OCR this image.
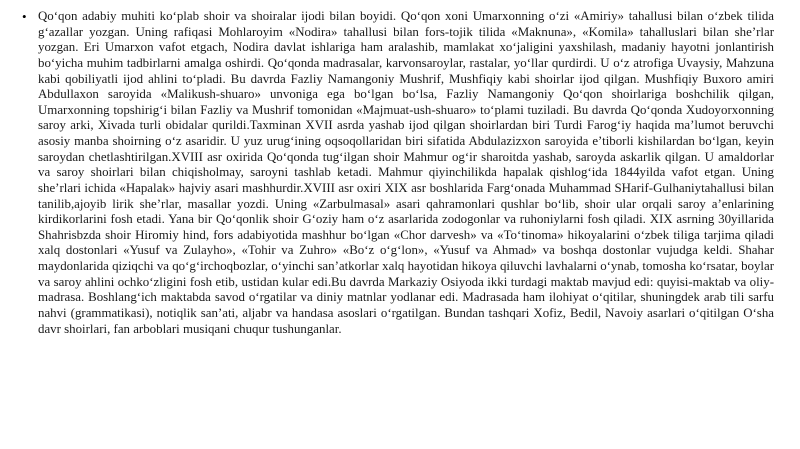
• Qo‘qon adabiy muhiti ko‘plab shoir va shoiralar ijodi bilan boyidi. Qo‘qon xoni Umarxonning o‘zi «Amiriy» tahallusi bilan o‘zbek tilida g‘azallar yozgan. Uning rafiqasi Mohlaroyim «Nodira» tahallusi bilan fors-tojik tilida «Maknuna», «Komila» tahalluslari bilan she’rlar yozgan. Eri Umarxon vafot etgach, Nodira davlat ishlariga ham aralashib, mamlakat xo‘jaligini yaxshilash, madaniy hayotni jonlantirish bo‘yicha muhim tadbirlarni amalga oshirdi. Qo‘qonda madrasalar, karvonsaroylar, rastalar, yo‘llar qurdirdi. U o‘z atrofiga Uvaysiy, Mahzuna kabi qobiliyatli ijod ahlini to‘pladi. Bu davrda Fazliy Namangoniy Mushrif, Mushfiqiy kabi shoirlar ijod qilgan. Mushfiqiy Buxoro amiri Abdullaxon saroyida «Malikush-shuaro» unvoniga ega bo‘lgan bo‘lsa, Fazliy Namangoniy Qo‘qon shoirlariga boshchilik qilgan, Umarxonning topshirig‘i bilan Fazliy va Mushrif tomonidan «Majmuat-ush-shuaro» to‘plami tuziladi. Bu davrda Qo‘qonda Xudoyorxonning saroy arki, Xivada turli obidalar qurildi.Taxminan XVII asrda yashab ijod qilgan shoirlardan biri Turdi Farog‘iy haqida ma’lumot beruvchi asosiy manba shoirning o‘z asaridir. U yuz urug‘ining oqsoqollaridan biri sifatida Abdulazizxon saroyida e’tiborli kishilardan bo‘lgan, keyin saroydan chetlashtirilgan.XVIII asr oxirida Qo‘qonda tug‘ilgan shoir Mahmur og‘ir sharoitda yashab, saroyda askarlik qilgan. U amaldorlar va saroy shoirlari bilan chiqisholmay, saroyni tashlab ketadi. Mahmur qiyinchilikda hapalak qishlog‘ida 1844yilda vafot etgan. Uning she’rlari ichida «Hapalak» hajviy asari mashhurdir.XVIII asr oxiri XIX asr boshlarida Farg‘onada Muhammad SHarif-Gulhaniytahallusi bilan tanilib,ajoyib lirik she’rlar, masallar yozdi. Uning «Zarbulmasal» asari qahramonlari qushlar bo‘lib, shoir ular orqali saroy a’enlarining kirdikorlarini fosh etadi. Yana bir Qo‘qonlik shoir G‘oziy ham o‘z asarlarida zodogonlar va ruhoniylarni fosh qiladi. XIX asrning 30yillarida Shahrisbzda shoir Hiromiy hind, fors adabiyotida mashhur bo‘lgan «Chor darvesh» va «To‘tinoma» hikoyalarini o‘zbek tiliga tarjima qiladi xalq dostonlari «Yusuf va Zulayho», «Tohir va Zuhro» «Bo‘z o‘g‘lon», «Yusuf va Ahmad» va boshqa dostonlar vujudga keldi. Shahar maydonlarida qiziqchi va qo‘g‘irchoqbozlar, o‘yinchi san’atkorlar xalq hayotidan hikoya qiluvchi lavhalarni o‘ynab, tomosha ko‘rsatar, boylar va saroy ahlini ochko‘zligini fosh etib, ustidan kular edi.Bu davrda Markaziy Osiyoda ikki turdagi maktab mavjud edi: quyisi-maktab va oliy-madrasa. Boshlang‘ich maktabda savod o‘rgatilar va diniy matnlar yodlanar edi. Madrasada ham ilohiyat o‘qitilar, shuningdek arab tili sarfu nahvi (grammatikasi), notiqlik san’ati, aljabr va handasa asoslari o‘rgatilgan. Bundan tashqari Xofiz, Bedil, Navoiy asarlari o‘qitilgan O‘sha davr shoirlari, fan arboblari musiqani chuqur tushunganlar.
